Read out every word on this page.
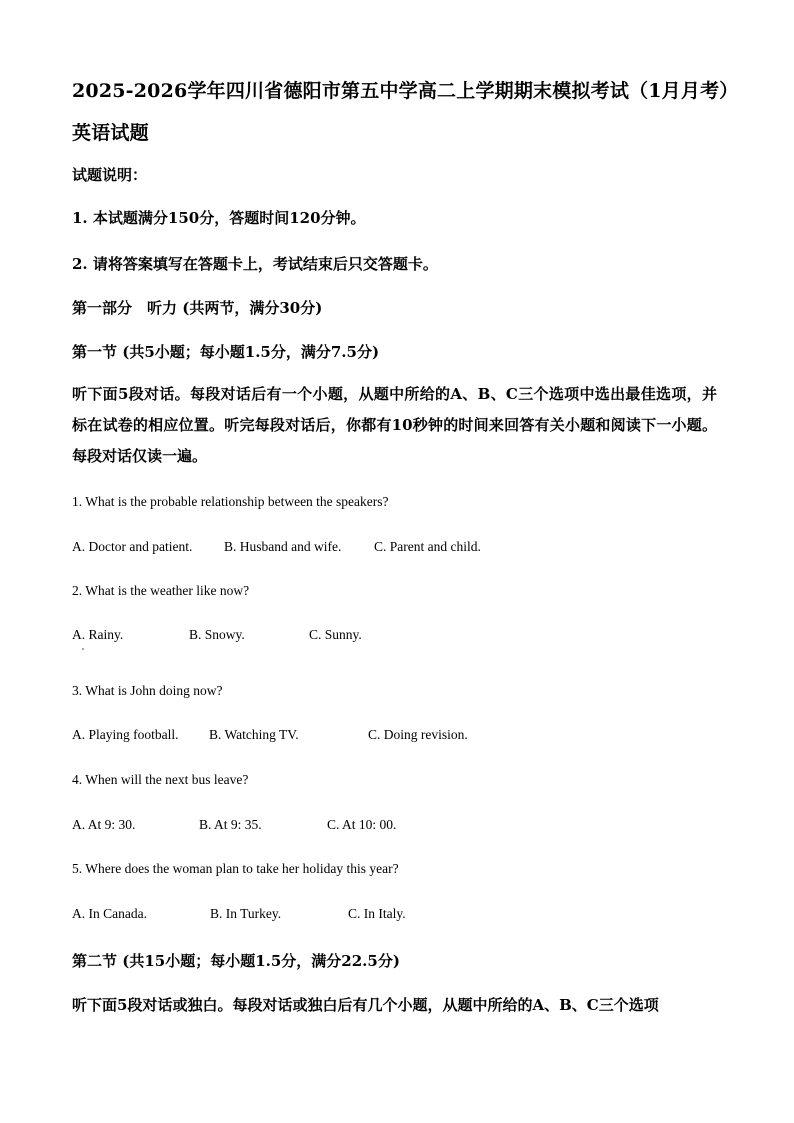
2025-2026学年四川省德阳市第五中学高二上学期期末模拟考试（1月月考）英语试题
试题说明：
1. 本试题满分150分，答题时间120分钟。
2. 请将答案填写在答题卡上，考试结束后只交答题卡。
第一部分　听力 (共两节，满分30分)
第一节 (共5小题；每小题1.5分，满分7.5分)
听下面5段对话。每段对话后有一个小题，从题中所给的A、B、C三个选项中选出最佳选项，并标在试卷的相应位置。听完每段对话后，你都有10秒钟的时间来回答有关小题和阅读下一小题。每段对话仅读一遍。
1. What is the probable relationship between the speakers?
A. Doctor and patient. B. Husband and wife. C. Parent and child.
2. What is the weather like now?
A. Rainy.	B. Snowy.	C. Sunny.
3. What is John doing now?
A. Playing football. B. Watching TV.	C. Doing revision.
4. When will the next bus leave?
A. At 9: 30.	B. At 9: 35.	C. At 10: 00.
5. Where does the woman plan to take her holiday this year?
A. In Canada.	B. In Turkey.	C. In Italy.
第二节 (共15小题；每小题1.5分，满分22.5分)
听下面5段对话或独白。每段对话或独白后有几个小题，从题中所给的A、B、C三个选项
